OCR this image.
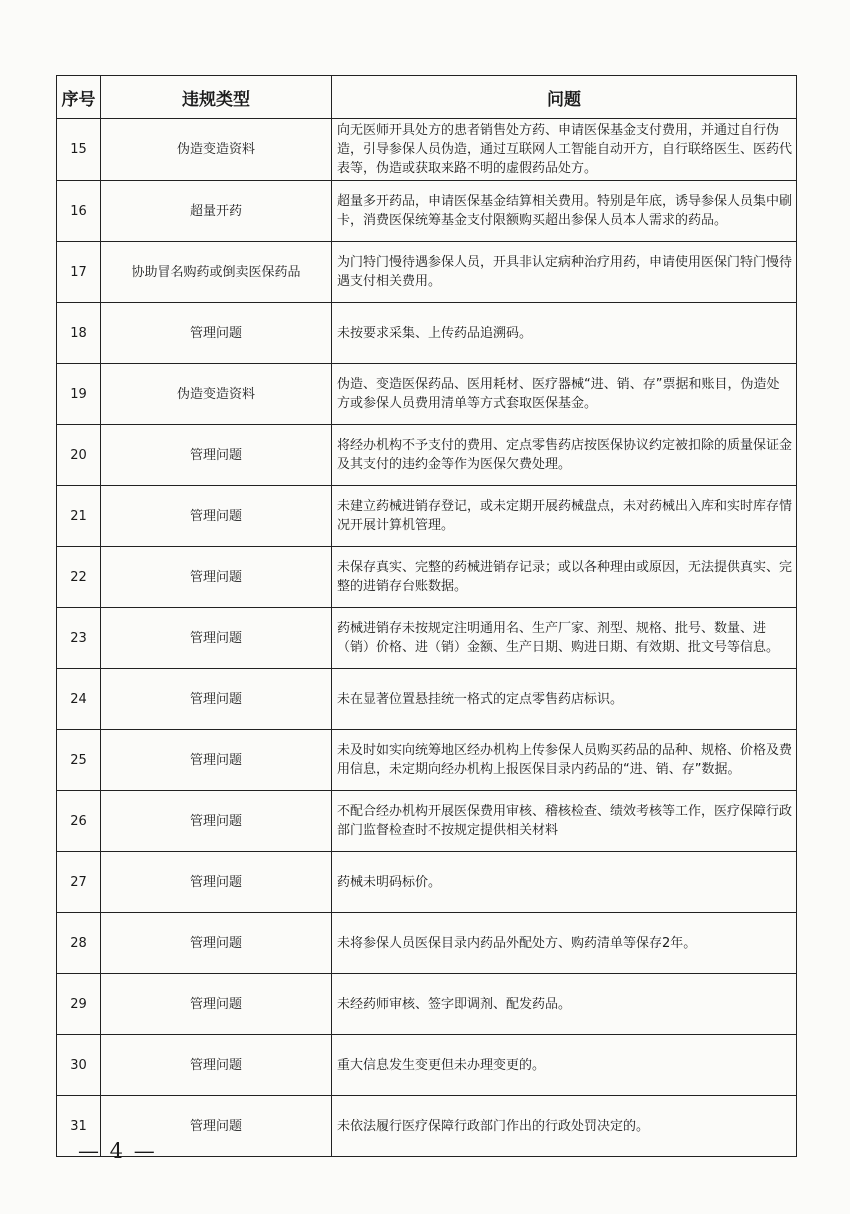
序号	违规类型	问题
15	伪造变造资料	向无医师开具处方的患者销售处方药、申请医保基金支付费用，并通过自行伪造，引导参保人员伪造，通过互联网人工智能自动开方，自行联络医生、医药代表等，伪造或获取来路不明的虚假药品处方。
16	超量开药	超量多开药品，申请医保基金结算相关费用。特别是年底，诱导参保人员集中刷卡，消费医保统筹基金支付限额购买超出参保人员本人需求的药品。
17	协助冒名购药或倒卖医保药品	为门特门慢待遇参保人员，开具非认定病种治疗用药，申请使用医保门特门慢待遇支付相关费用。
18	管理问题	未按要求采集、上传药品追溯码。
19	伪造变造资料	伪造、变造医保药品、医用耗材、医疗器械“进、销、存”票据和账目，伪造处方或参保人员费用清单等方式套取医保基金。
20	管理问题	将经办机构不予支付的费用、定点零售药店按医保协议约定被扣除的质量保证金及其支付的违约金等作为医保欠费处理。
21	管理问题	未建立药械进销存登记，或未定期开展药械盘点，未对药械出入库和实时库存情况开展计算机管理。
22	管理问题	未保存真实、完整的药械进销存记录；或以各种理由或原因，无法提供真实、完整的进销存台账数据。
23	管理问题	药械进销存未按规定注明通用名、生产厂家、剂型、规格、批号、数量、进（销）价格、进（销）金额、生产日期、购进日期、有效期、批文号等信息。
24	管理问题	未在显著位置悬挂统一格式的定点零售药店标识。
25	管理问题	未及时如实向统筹地区经办机构上传参保人员购买药品的品种、规格、价格及费用信息，未定期向经办机构上报医保目录内药品的“进、销、存”数据。
26	管理问题	不配合经办机构开展医保费用审核、稽核检查、绩效考核等工作，医疗保障行政部门监督检查时不按规定提供相关材料
27	管理问题	药械未明码标价。
28	管理问题	未将参保人员医保目录内药品外配处方、购药清单等保存2年。
29	管理问题	未经药师审核、签字即调剂、配发药品。
30	管理问题	重大信息发生变更但未办理变更的。
31	管理问题	未依法履行医疗保障行政部门作出的行政处罚决定的。
— 4 —
